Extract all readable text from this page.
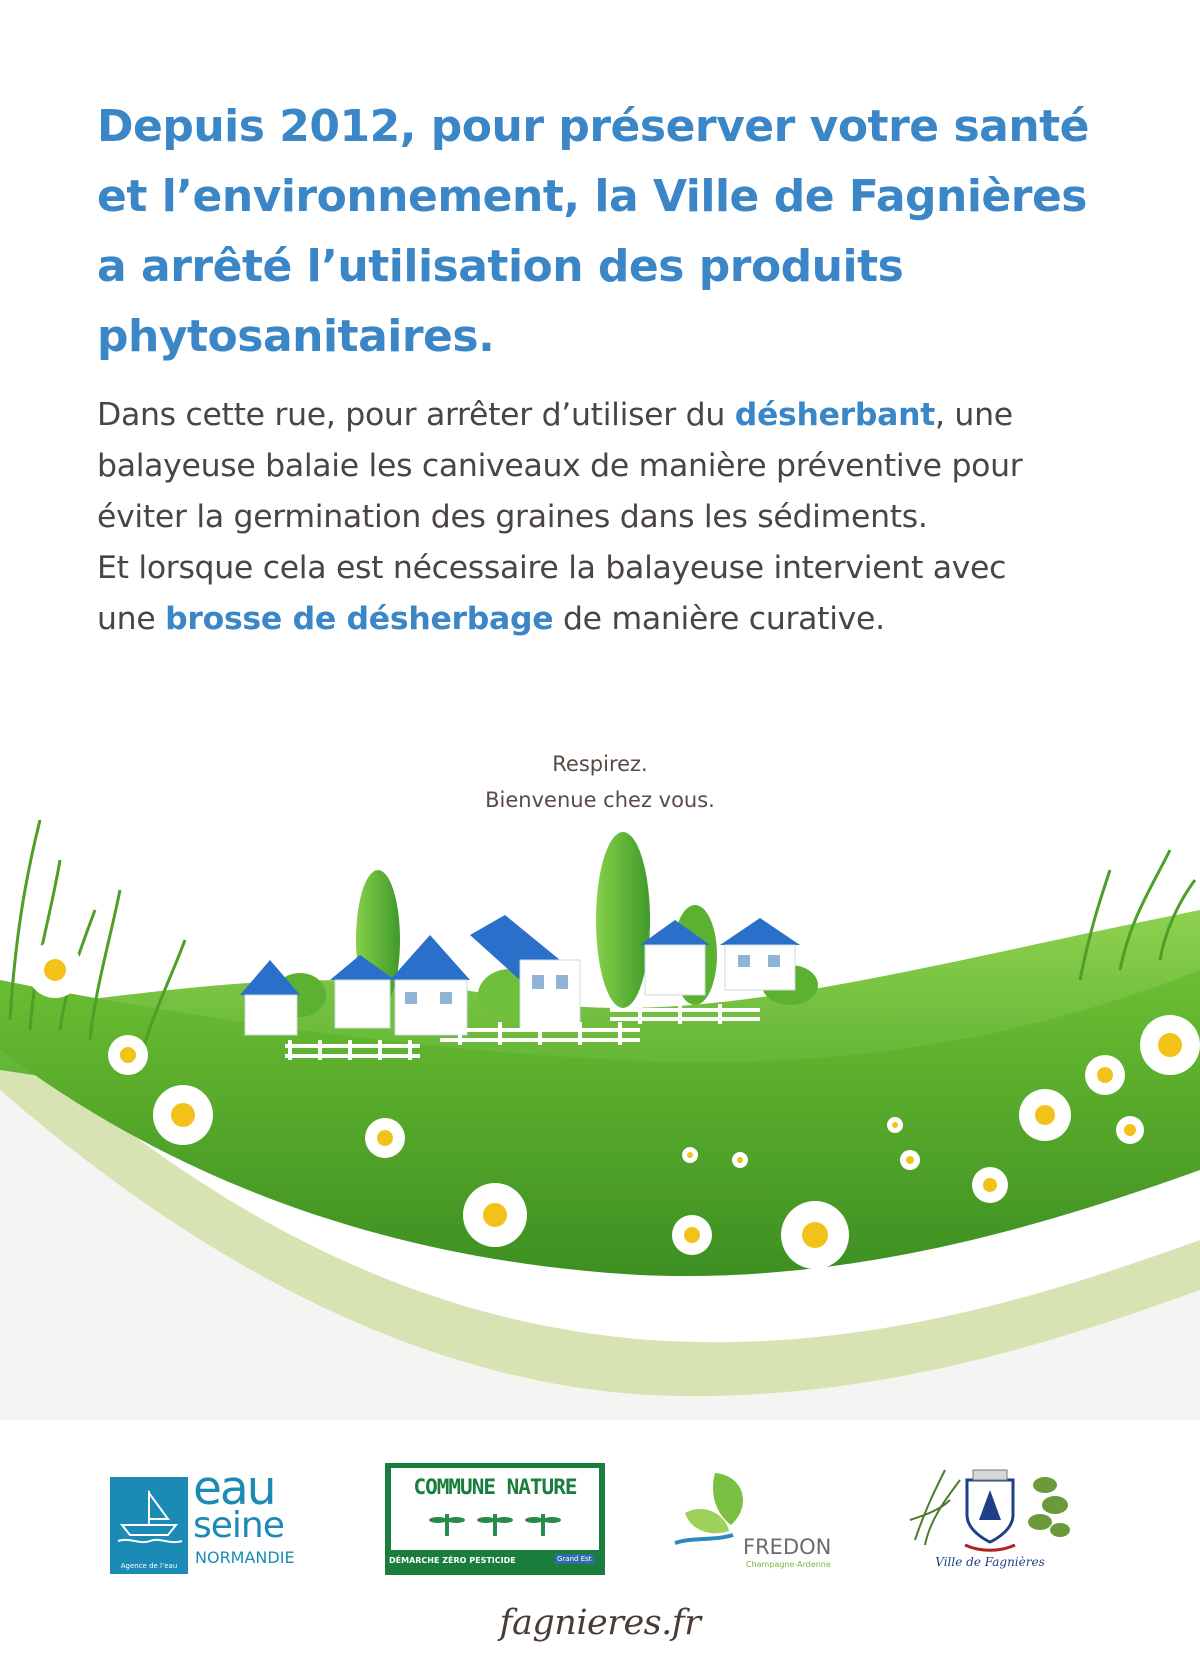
Depuis 2012, pour préserver votre santé et l’environnement, la Ville de Fagnières a arrêté l’utilisation des produits phytosanitaires.

Dans cette rue, pour arrêter d’utiliser du désherbant, une
balayeuse balaie les caniveaux de manière préventive pour
éviter la germination des graines dans les sédiments.
Et lorsque cela est nécessaire la balayeuse intervient avec
une brosse de désherbage de manière curative.

Respirez.
Bienvenue chez vous.
Agence de l’eau
eau
seine
NORMANDIE
COMMUNE NATURE
DÉMARCHE ZÉRO PESTICIDE	Grand Est	FREDON
Champagne-Ardenne	Ville de Fagnières
fagnieres.fr
